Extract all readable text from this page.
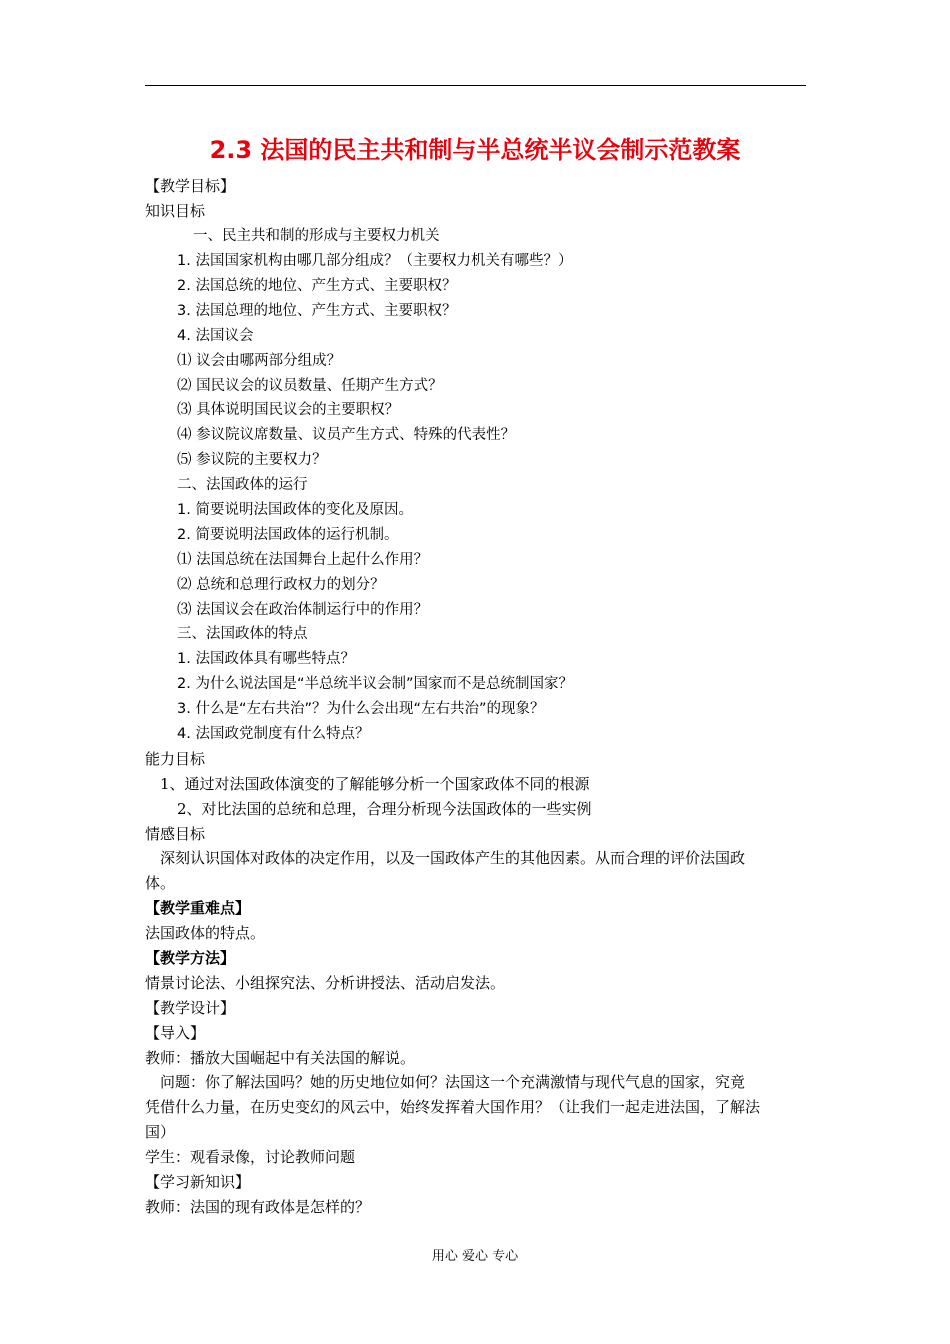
2.3 法国的民主共和制与半总统半议会制示范教案
【教学目标】
知识目标
一、民主共和制的形成与主要权力机关
1. 法国国家机构由哪几部分组成？（主要权力机关有哪些？）
2. 法国总统的地位、产生方式、主要职权？
3. 法国总理的地位、产生方式、主要职权？
4. 法国议会
⑴ 议会由哪两部分组成？
⑵ 国民议会的议员数量、任期产生方式？
⑶ 具体说明国民议会的主要职权？
⑷ 参议院议席数量、议员产生方式、特殊的代表性？
⑸ 参议院的主要权力？
二、法国政体的运行
1. 简要说明法国政体的变化及原因。
2. 简要说明法国政体的运行机制。
⑴ 法国总统在法国舞台上起什么作用？
⑵ 总统和总理行政权力的划分？
⑶ 法国议会在政治体制运行中的作用？
三、法国政体的特点
1. 法国政体具有哪些特点？
2. 为什么说法国是“半总统半议会制”国家而不是总统制国家？
3. 什么是“左右共治”？为什么会出现“左右共治”的现象？
4. 法国政党制度有什么特点？
能力目标
1、通过对法国政体演变的了解能够分析一个国家政体不同的根源
2、对比法国的总统和总理，合理分析现今法国政体的一些实例
情感目标
深刻认识国体对政体的决定作用，以及一国政体产生的其他因素。从而合理的评价法国政
体。
【教学重难点】
法国政体的特点。
【教学方法】
情景讨论法、小组探究法、分析讲授法、活动启发法。
【教学设计】
【导入】
教师：播放大国崛起中有关法国的解说。
问题：你了解法国吗？她的历史地位如何？法国这一个充满激情与现代气息的国家，究竟
凭借什么力量，在历史变幻的风云中，始终发挥着大国作用？（让我们一起走进法国，了解法
国）
学生：观看录像，讨论教师问题
【学习新知识】
教师：法国的现有政体是怎样的？
用心 爱心 专心
